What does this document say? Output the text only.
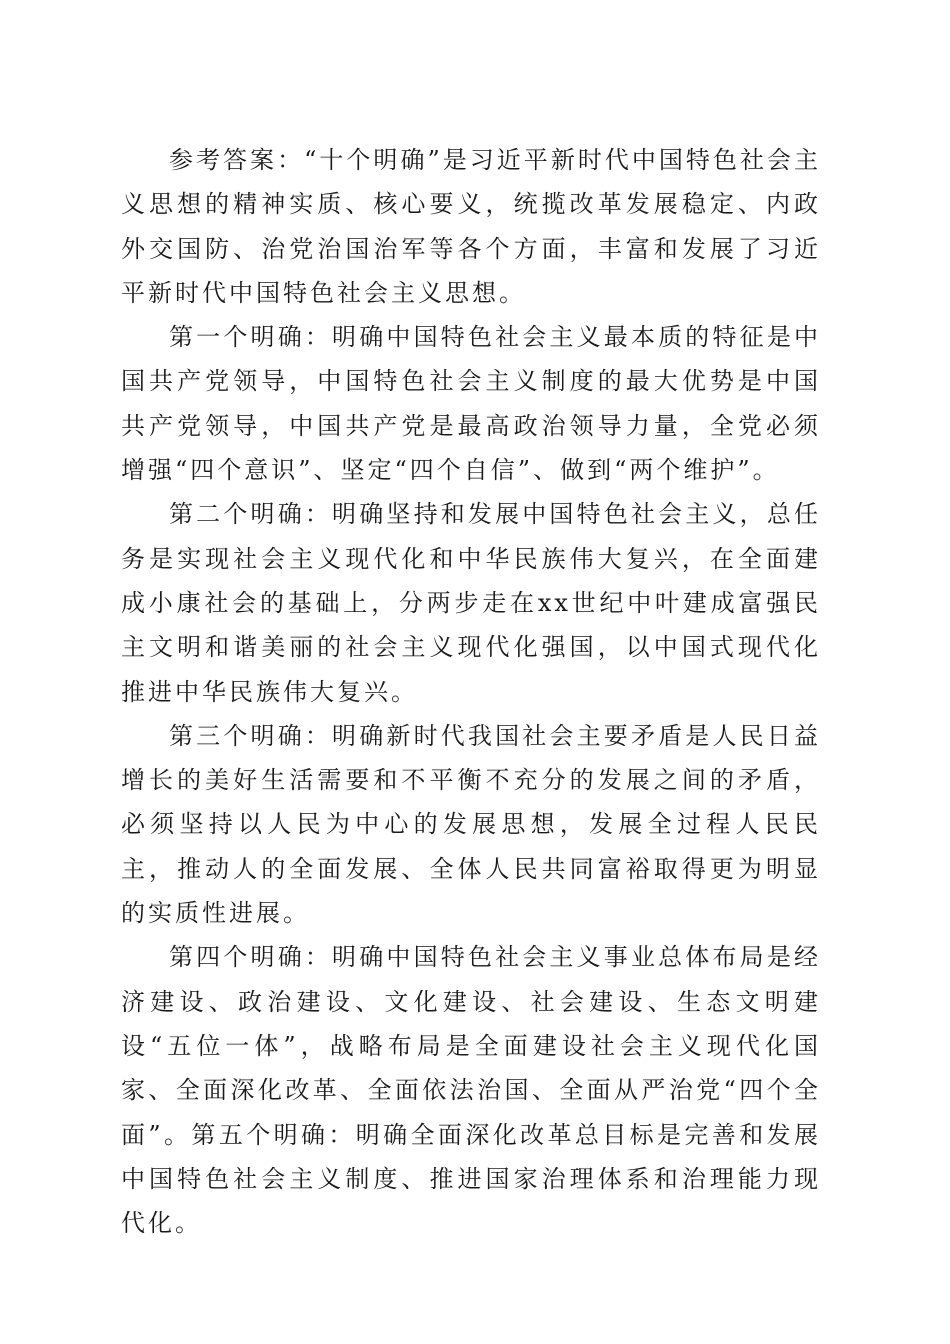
参考答案：“十个明确”是习近平新时代中国特色社会主义思想的精神实质、核心要义，统揽改革发展稳定、内政外交国防、治党治国治军等各个方面，丰富和发展了习近平新时代中国特色社会主义思想。

第一个明确：明确中国特色社会主义最本质的特征是中国共产党领导，中国特色社会主义制度的最大优势是中国共产党领导，中国共产党是最高政治领导力量，全党必须增强“四个意识”、坚定“四个自信”、做到“两个维护”。

第二个明确：明确坚持和发展中国特色社会主义，总任务是实现社会主义现代化和中华民族伟大复兴，在全面建成小康社会的基础上，分两步走在xx世纪中叶建成富强民主文明和谐美丽的社会主义现代化强国，以中国式现代化推进中华民族伟大复兴。

第三个明确：明确新时代我国社会主要矛盾是人民日益增长的美好生活需要和不平衡不充分的发展之间的矛盾，必须坚持以人民为中心的发展思想，发展全过程人民民主，推动人的全面发展、全体人民共同富裕取得更为明显的实质性进展。

第四个明确：明确中国特色社会主义事业总体布局是经济建设、政治建设、文化建设、社会建设、生态文明建设“五位一体”，战略布局是全面建设社会主义现代化国家、全面深化改革、全面依法治国、全面从严治党“四个全面”。第五个明确：明确全面深化改革总目标是完善和发展中国特色社会主义制度、推进国家治理体系和治理能力现代化。
